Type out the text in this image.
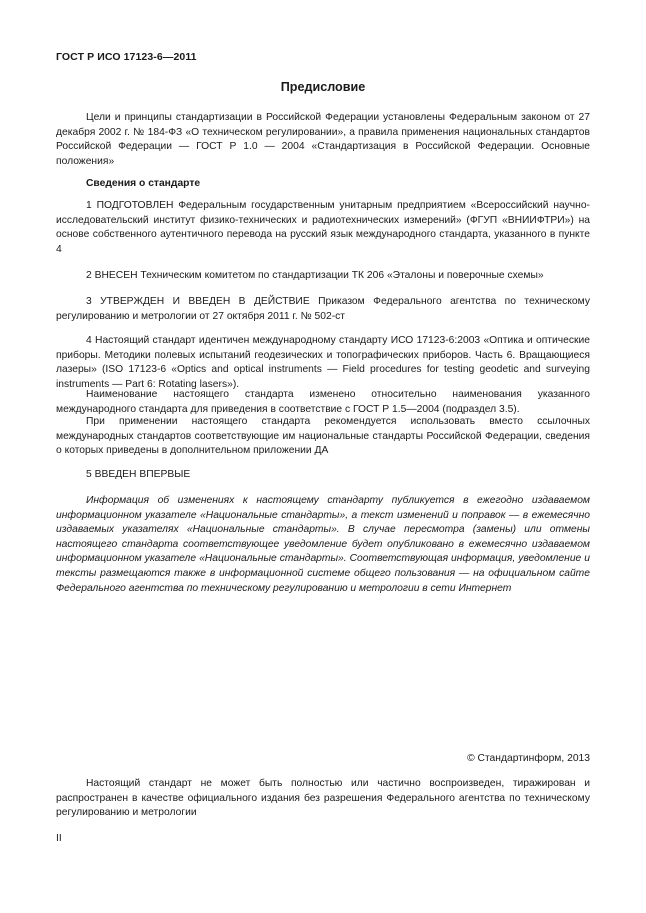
ГОСТ Р ИСО 17123-6—2011
Предисловие
Цели и принципы стандартизации в Российской Федерации установлены Федеральным законом от 27 декабря 2002 г. № 184-ФЗ «О техническом регулировании», а правила применения национальных стандартов Российской Федерации — ГОСТ Р 1.0 — 2004 «Стандартизация в Российской Федерации. Основные положения»
Сведения о стандарте
1 ПОДГОТОВЛЕН Федеральным государственным унитарным предприятием «Всероссийский научно-исследовательский институт физико-технических и радиотехнических измерений» (ФГУП «ВНИИФТРИ») на основе собственного аутентичного перевода на русский язык международного стандарта, указанного в пункте 4
2 ВНЕСЕН Техническим комитетом по стандартизации ТК 206 «Эталоны и поверочные схемы»
3 УТВЕРЖДЕН И ВВЕДЕН В ДЕЙСТВИЕ Приказом Федерального агентства по техническому регулированию и метрологии от 27 октября 2011 г. № 502-ст
4 Настоящий стандарт идентичен международному стандарту ИСО 17123-6:2003 «Оптика и оптические приборы. Методики полевых испытаний геодезических и топографических приборов. Часть 6. Вращающиеся лазеры» (ISO 17123-6 «Optics and optical instruments — Field procedures for testing geodetic and surveying instruments — Part 6: Rotating lasers»).
Наименование настоящего стандарта изменено относительно наименования указанного международного стандарта для приведения в соответствие с ГОСТ Р 1.5—2004 (подраздел 3.5).
При применении настоящего стандарта рекомендуется использовать вместо ссылочных международных стандартов соответствующие им национальные стандарты Российской Федерации, сведения о которых приведены в дополнительном приложении ДА
5 ВВЕДЕН ВПЕРВЫЕ
Информация об изменениях к настоящему стандарту публикуется в ежегодно издаваемом информационном указателе «Национальные стандарты», а текст изменений и поправок — в ежемесячно издаваемых указателях «Национальные стандарты». В случае пересмотра (замены) или отмены настоящего стандарта соответствующее уведомление будет опубликовано в ежемесячно издаваемом информационном указателе «Национальные стандарты». Соответствующая информация, уведомление и тексты размещаются также в информационной системе общего пользования — на официальном сайте Федерального агентства по техническому регулированию и метрологии в сети Интернет
© Стандартинформ, 2013
Настоящий стандарт не может быть полностью или частично воспроизведен, тиражирован и распространен в качестве официального издания без разрешения Федерального агентства по техническому регулированию и метрологии
II
